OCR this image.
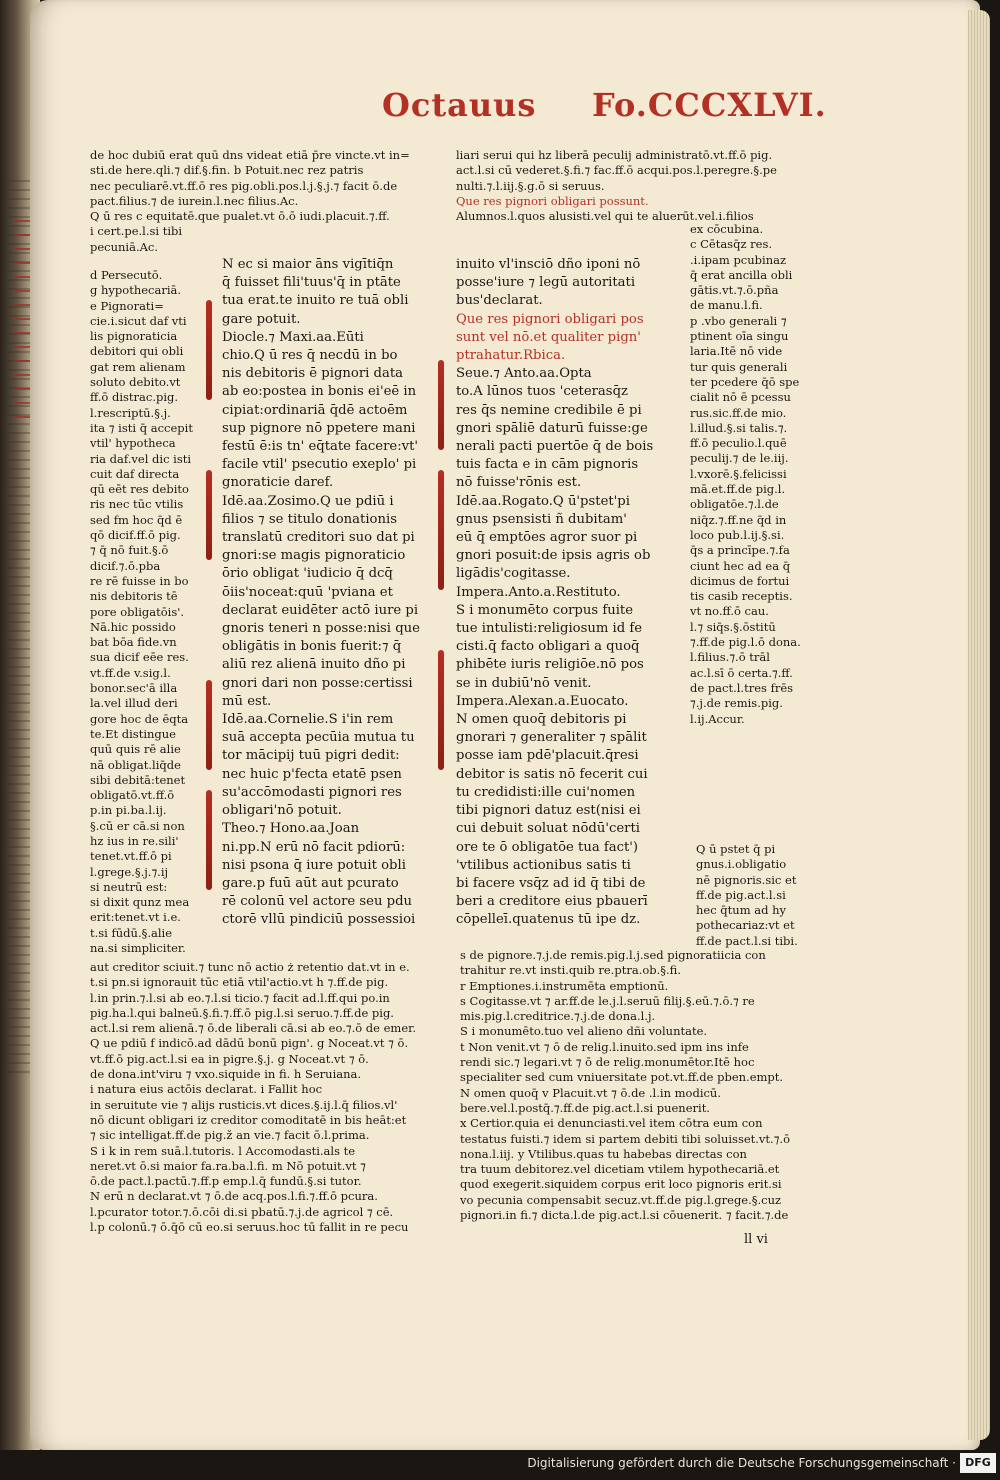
Octauus Fo.CCCXLVI.
de hoc dubiū erat quū dns videat etiā p̄re vincte.vt in=
sti.de here.qli.⁊ dif.§.fin. b Potuit.nec rez patris
nec peculiarē.vt.ff.ō res pig.obli.pos.l.j.§.j.⁊ facit ō.de
pact.filius.⁊ de iurein.l.nec filius.Ac.
Q ū res c equitatē.que pualet.vt ō.ō iudi.placuit.⁊.ff.
i cert.pe.l.si tibi
pecuniā.Ac.
liari serui qui hz liberā peculij administratō.vt.ff.ō pig.
act.l.si cū vederet.§.fi.⁊ fac.ff.ō acqui.pos.l.peregre.§.pe
nulti.⁊.l.iij.§.g.ō si seruus.
Que res pignori obligari possunt.
Alumnos.l.quos alusisti.vel qui te aluerūt.vel.i.filios
d Persecutō.
g hypothecariā.
e Pignorati=
cie.i.sicut daf vti
lis pignoraticia
debitori qui obli
gat rem alienam
soluto debito.vt
ff.ō distrac.pig.
l.rescriptū.§.j.
ita ⁊ isti q̄ accepit
vtil' hypotheca
ria daf.vel dic isti
cuit daf directa
qū eēt res debito
ris nec tūc vtilis
sed fm hoc q̄d ē
qō dicif.ff.ō pig.
⁊ q̄ nō fuit.§.ō
dicif.⁊.ō.pba
re rē fuisse in bo
nis debitoris tē
pore obligatōis'.
Nā.hic possido
bat bōa fide.vn
sua dicif eēe res.
vt.ff.de v.sig.l.
bonor.sec'ā illa
la.vel illud deri
gore hoc de ēqta
te.Et distingue
quū quis rē alie
nā obligat.liq̄de
sibi debitā:tenet
obligatō.vt.ff.ō
p.in pi.ba.l.ij.
§.cū er cā.si non
hz ius in re.sili'
tenet.vt.ff.ō pi
l.grege.§.j.⁊.ij
si neutrū est:
si dixit qunz mea
erit:tenet.vt i.e.
t.si fūdū.§.alie
na.si simpliciter.
N ec si maior āns vigītiq̄n
q̄ fuisset fili'tuus'q̄ in ptāte
tua erat.te inuito re tuā obli
gare potuit.
Diocle.⁊ Maxi.aa.Eūti
chio.Q ū res q̄ necdū in bo
nis debitoris ē pignori data
ab eo:postea in bonis ei'eē in
cipiat:ordinariā q̄dē actoēm
sup pignore nō ppetere mani
festū ē:is tn' eq̄tate facere:vt'
facile vtil' psecutio exeplo' pi
gnoraticie daref.
Idē.aa.Zosimo.Q ue pdiū i
filios ⁊ se titulo donationis
translatū creditori suo dat pi
gnori:se magis pignoraticio
ōrio obligat 'iudicio q̄ dcq̄
ōiis'noceat:quū 'pviana et
declarat euidēter actō iure pi
gnoris teneri n posse:nisi que
obligātis in bonis fuerit:⁊ q̄
aliū rez alienā inuito dño pi
gnori dari non posse:certissi
mū est.
Idē.aa.Cornelie.S i'in rem
suā accepta pecūia mutua tu
tor mācipij tuū pigri dedit:
nec huic p'fecta etatē psen
su'accōmodasti pignori res
obligari'nō potuit.
Theo.⁊ Hono.aa.Joan
ni.pp.N erū nō facit pdiorū:
nisi psona q̄ iure potuit obli
gare.p fuū aūt aut pcurato
rē colonū vel actore seu pdu
ctorē vllū pindiciū possessioi
inuito vl'insciō dño iponi nō
posse'iure ⁊ legū autoritati
bus'declarat.
Que res pignori obligari pos
sunt vel nō.et qualiter pign'
ptrahatur.Rbica.
Seue.⁊ Anto.aa.Opta
to.A lūnos tuos 'ceterasq̄z
res q̄s nemine credibile ē pi
gnori spāliē daturū fuisse:ge
nerali pacti puertōe q̄ de bois
tuis facta e in cām pignoris
nō fuisse'rōnis est.
Idē.aa.Rogato.Q ū'pstet'pi
gnus psensisti ñ dubitam'
eū q̄ emptōes agror suor pi
gnori posuit:de ipsis agris ob
ligādis'cogitasse.
Impera.Anto.a.Restituto.
S i monumēto corpus fuite
tue intulisti:religiosum id fe
cisti.q̄ facto obligari a quoq̄
phibēte iuris religiōe.nō pos
se in dubiū'nō venit.
Impera.Alexan.a.Euocato.
N omen quoq̄ debitoris pi
gnorari ⁊ generaliter ⁊ spālit
posse iam pdē'placuit.q̄resi
debitor is satis nō fecerit cui
tu credidisti:ille cui'nomen
tibi pignori datuz est(nisi ei
cui debuit soluat nōdū'certi
ore te ō obligatōe tua fact')
'vtilibus actionibus satis ti
bi facere vsq̄z ad id q̄ tibi de
beri a creditore eius pbauerī
cōpelleī.quatenus tū ipe dz.
ex cōcubina.
c Cētasq̄z res.
.i.ipam pcubinaz
q̄ erat ancilla obli
gātis.vt.⁊.ō.pña
de manu.l.fi.
p .vbo generali ⁊
ptinent oīa singu
laria.Itē nō vide
tur quis generali
ter pcedere q̄ō spe
cialit nō ē pcessu
rus.sic.ff.de mio.
l.illud.§.si talis.⁊.
ff.ō peculio.l.quē
peculij.⁊ de le.iij.
l.vxorē.§.felicissi
mā.et.ff.de pig.l.
obligatōe.⁊.l.de
niq̄z.⁊.ff.ne q̄d in
loco pub.l.ij.§.si.
q̄s a princīpe.⁊.fa
ciunt hec ad ea q̄
dicimus de fortui
tis casib receptis.
vt no.ff.ō cau.
l.⁊ siq̄s.§.ōstitū
⁊.ff.de pig.l.ō dona.
l.filius.⁊.ō trāl
ac.l.sī ō certa.⁊.ff.
de pact.l.tres frēs
⁊.j.de remis.pig.
l.ij.Accur.
Q ū pstet q̄ pi
gnus.i.obligatio
nē pignoris.sic et
ff.de pig.act.l.si
hec q̄tum ad hy
pothecariaz:vt et
ff.de pact.l.si tibi.
aut creditor sciuit.⁊ tunc nō actio ż retentio dat.vt in e.
t.si pn.si ignorauit tūc etiā vtil'actio.vt h ⁊.ff.de pig.
l.in prin.⁊.l.si ab eo.⁊.l.si ticio.⁊ facit ad.l.ff.qui po.in
pig.ha.l.qui balneū.§.fi.⁊.ff.ō pig.l.si seruo.⁊.ff.de pig.
act.l.si rem alienā.⁊ ō.de liberali cā.si ab eo.⁊.ō de emer.
Q ue pdiū f indicō.ad dādū bonū pign'. g Noceat.vt ⁊ ō.
vt.ff.ō pig.act.l.si ea in pigre.§.j. g Noceat.vt ⁊ ō.
de dona.int'viru ⁊ vxo.siquide in fi. h Seruiana.
i natura eius actōis declarat. i Fallit hoc
in seruitute vie ⁊ alijs rusticis.vt dices.§.ij.l.q̄ filios.vl'
nō dicunt obligari iz creditor comoditatē in bis heāt:et
⁊ sic intelligat.ff.de pig.ž an vie.⁊ facit ō.l.prima.
S i k in rem suā.l.tutoris. l Accomodasti.als te
neret.vt ō.si maior fa.ra.ba.l.fi. m Nō potuit.vt ⁊
ō.de pact.l.pactū.⁊.ff.p emp.l.q̄ fundū.§.si tutor.
N erū n declarat.vt ⁊ ō.de acq.pos.l.fi.⁊.ff.ō pcura.
l.pcurator totor.⁊.ō.cōi di.si pbatū.⁊.j.de agricol ⁊ cē.
l.p colonū.⁊ ō.q̄ō cū eo.si seruus.hoc tū fallit in re pecu
s de pignore.⁊.j.de remis.pig.l.j.sed pignoratiicia con
trahitur re.vt insti.quib re.ptra.ob.§.fi.
r Emptiones.i.instrumēta emptionū.
s Cogitasse.vt ⁊ ar.ff.de le.j.l.seruū filij.§.eū.⁊.ō.⁊ re
mis.pig.l.creditrice.⁊.j.de dona.l.j.
S i monumēto.tuo vel alieno dñi voluntate.
t Non venit.vt ⁊ ō de relig.l.inuito.sed ipm ins infe
rendi sic.⁊ legari.vt ⁊ ō de relig.monumētor.Itē hoc
specialiter sed cum vniuersitate pot.vt.ff.de pben.empt.
N omen quoq̄ v Placuit.vt ⁊ ō.de .l.in modicū.
bere.vel.l.postq̄.⁊.ff.de pig.act.l.si puenerit.
x Certior.quia ei denunciasti.vel item cōtra eum con
testatus fuisti.⁊ idem si partem debiti tibi soluisset.vt.⁊.ō
nona.l.iij. y Vtilibus.quas tu habebas directas con
tra tuum debitorez.vel dicetiam vtilem hypothecariā.et
quod exegerit.siquidem corpus erit loco pignoris erit.si
vo pecunia compensabit secuz.vt.ff.de pig.l.grege.§.cuz
pignori.in fi.⁊ dicta.l.de pig.act.l.si cōuenerit. ⁊ facit.⁊.de
ll vi
Digitalisierung gefördert durch die Deutsche Forschungsgemeinschaft · DFG
